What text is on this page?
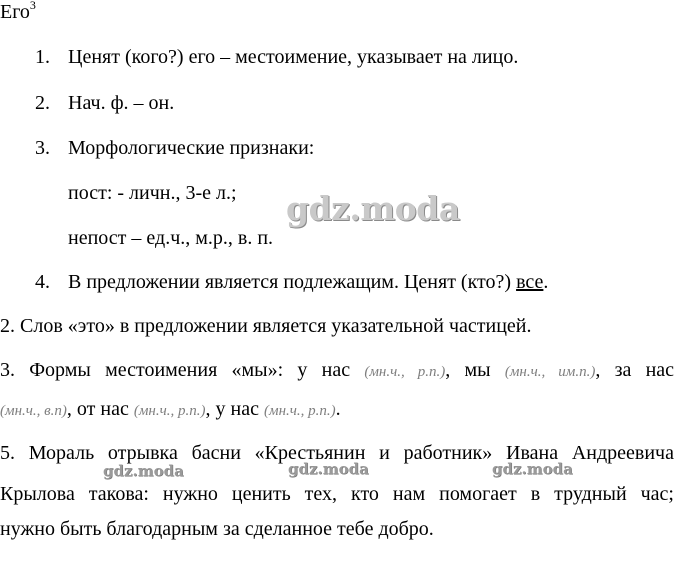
Его$^3$
1. Ценят (кого?) его – местоимение, указывает на лицо.
2. Нач. ф. – он.
3. Морфологические признаки:
пост: - личн., 3-е л.;
непост – ед.ч., м.р., в. п.
4. В предложении является подлежащим. Ценят (кто?) все.
2. Слов «это» в предложении является указательной частицей.
3. Формы местоимения «мы»: у нас (мн.ч., р.п.), мы (мн.ч., им.п.), за нас
(мн.ч., в.п), от нас (мн.ч., р.п.), у нас (мн.ч., р.п.).
5. Мораль отрывка басни «Крестьянин и работник» Ивана Андреевича
Крылова такова: нужно ценить тех, кто нам помогает в трудный час;
нужно быть благодарным за сделанное тебе добро.
gdz.moda
gdz.moda	gdz.moda	gdz.moda
